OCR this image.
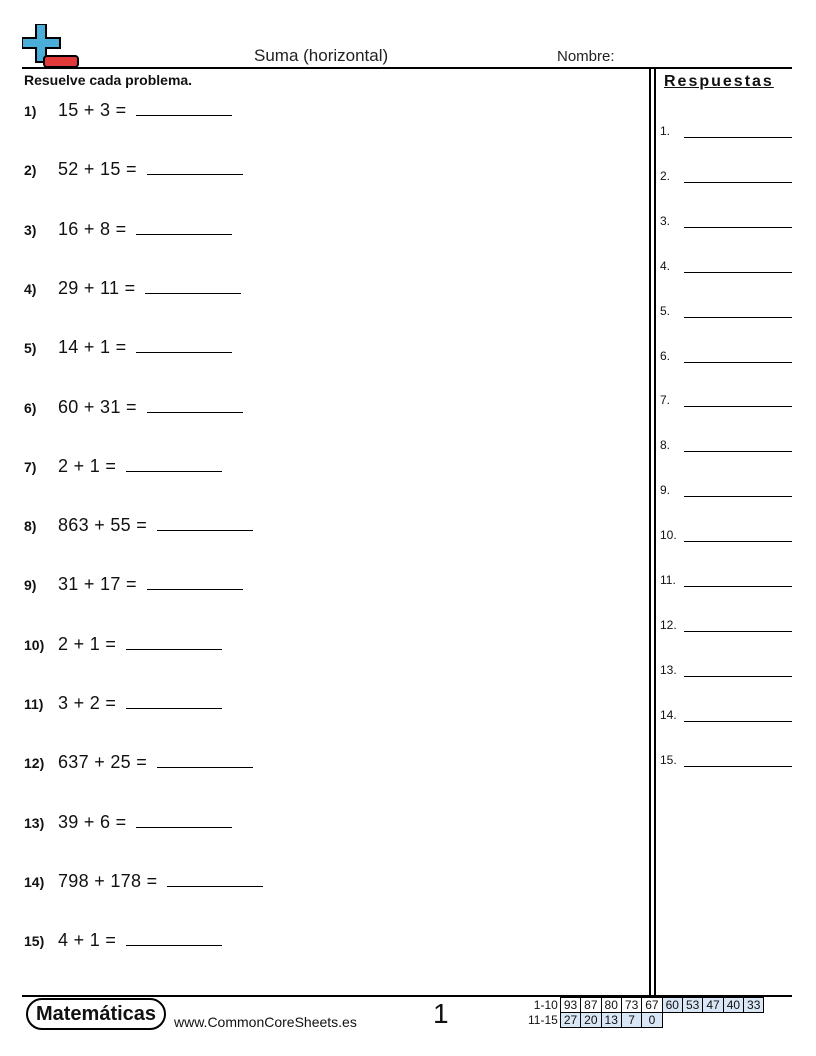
Suma (horizontal)	Nombre:
Resuelve cada problema.
1)	15 + 3 =
2)	52 + 15 =
3)	16 + 8 =
4)	29 + 11 =
5)	14 + 1 =
6)	60 + 31 =
7)	2 + 1 =
8)	863 + 55 =
9)	31 + 17 =
10) 2 + 1 =
11) 3 + 2 =
12) 637 + 25 =
13) 39 + 6 =
14) 798 + 178 =
15) 4 + 1 =
Respuestas
1.
2.
3.
4.
5.
6.
7.
8.
9.
10.
11.
12.
13.
14.
15.
Matemáticas	www.CommonCoreSheets.es	1	1-10	93	87	80	73	67	60	53	47	40	33
11-15	27	20	13	7	0					
